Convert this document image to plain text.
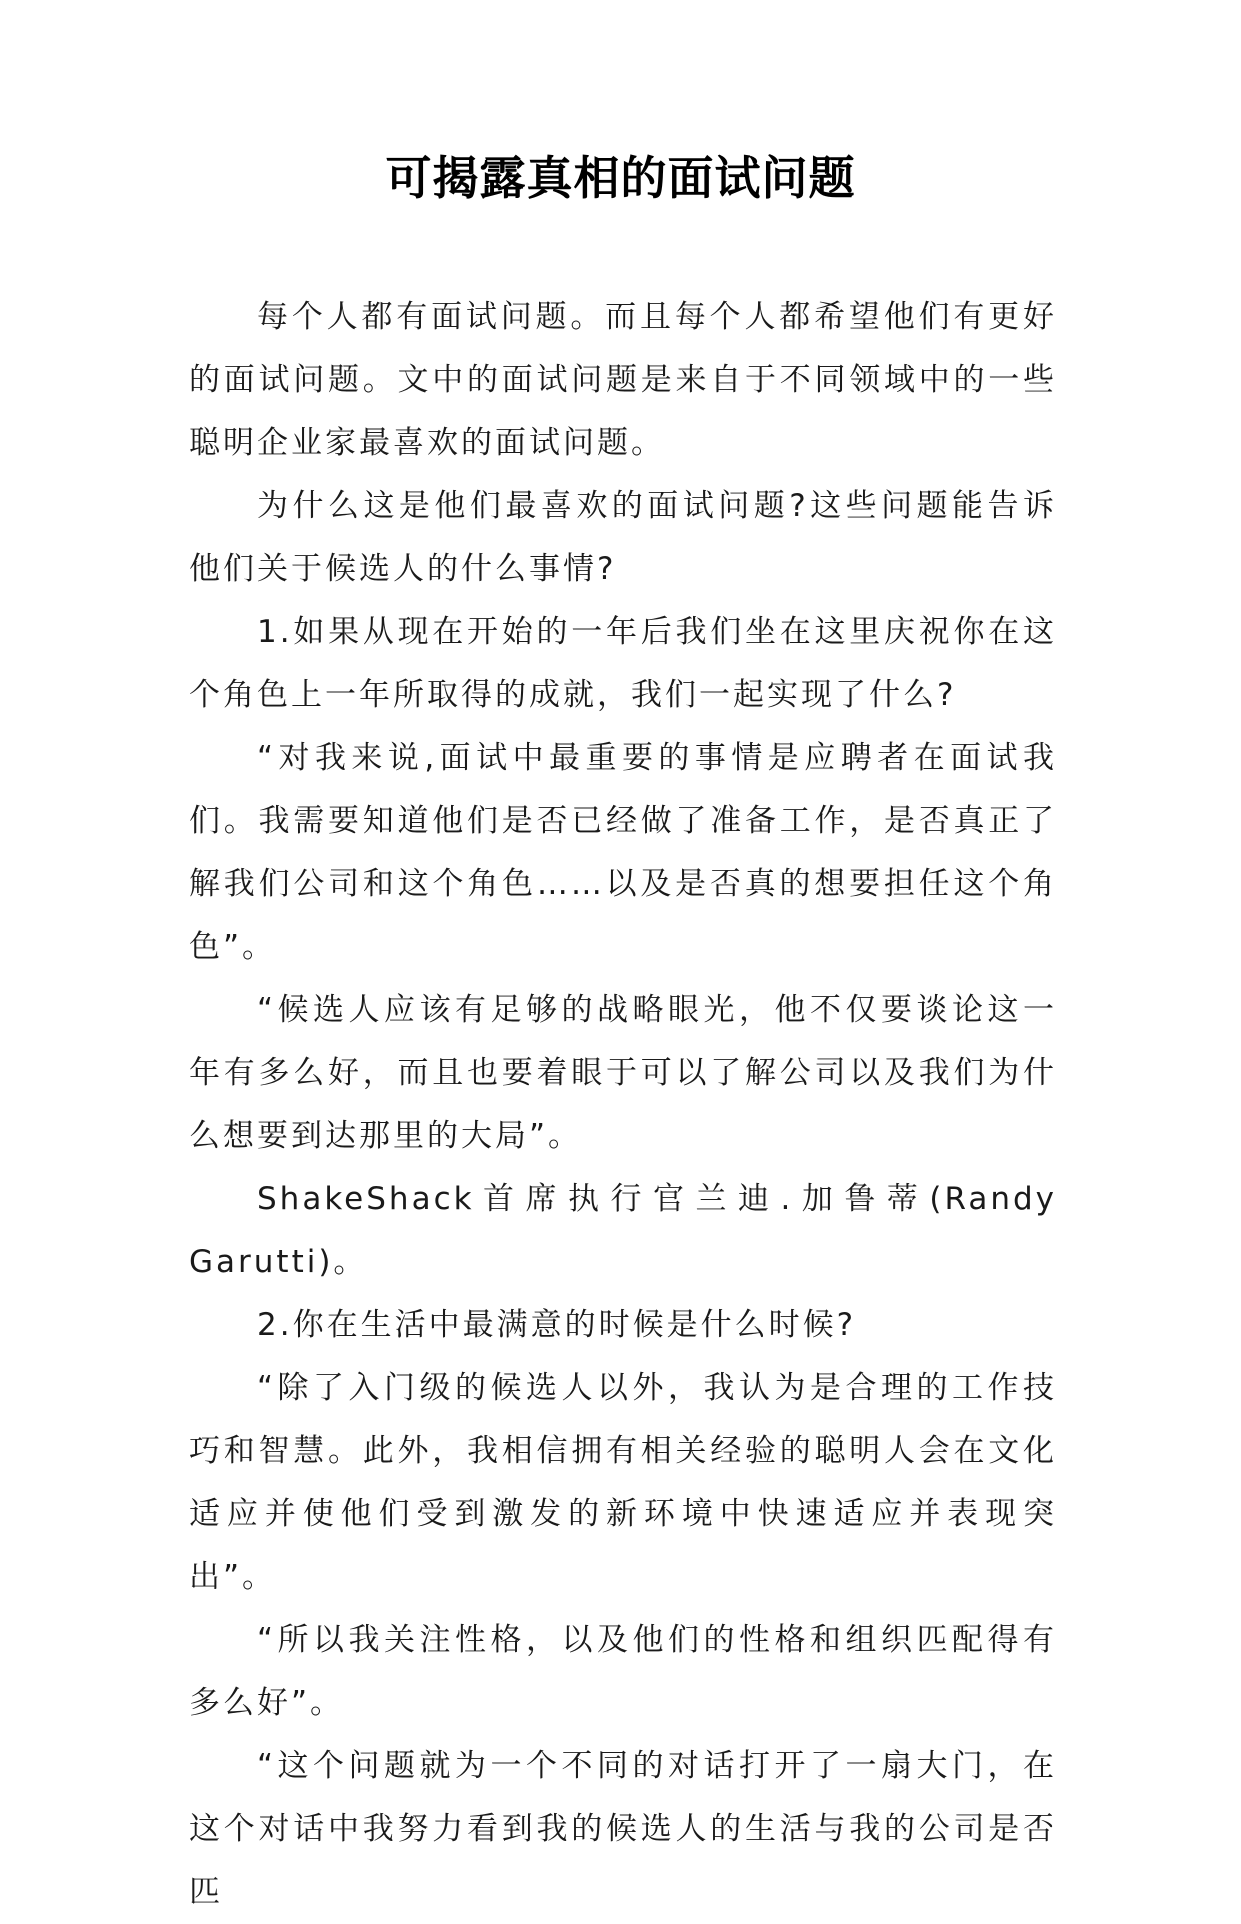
可揭露真相的面试问题

每个人都有面试问题。而且每个人都希望他们有更好的面试问题。文中的面试问题是来自于不同领域中的一些聪明企业家最喜欢的面试问题。

为什么这是他们最喜欢的面试问题?这些问题能告诉他们关于候选人的什么事情?

1.如果从现在开始的一年后我们坐在这里庆祝你在这个角色上一年所取得的成就，我们一起实现了什么?

“对我来说,面试中最重要的事情是应聘者在面试我们。我需要知道他们是否已经做了准备工作，是否真正了解我们公司和这个角色……以及是否真的想要担任这个角色”。

“候选人应该有足够的战略眼光，他不仅要谈论这一年有多么好，而且也要着眼于可以了解公司以及我们为什么想要到达那里的大局”。

ShakeShack首席执行官兰迪.加鲁蒂(Randy Garutti)。

2.你在生活中最满意的时候是什么时候?

“除了入门级的候选人以外，我认为是合理的工作技巧和智慧。此外，我相信拥有相关经验的聪明人会在文化适应并使他们受到激发的新环境中快速适应并表现突出”。

“所以我关注性格，以及他们的性格和组织匹配得有多么好”。

“这个问题就为一个不同的对话打开了一扇大门，在这个对话中我努力看到我的候选人的生活与我的公司是否匹
